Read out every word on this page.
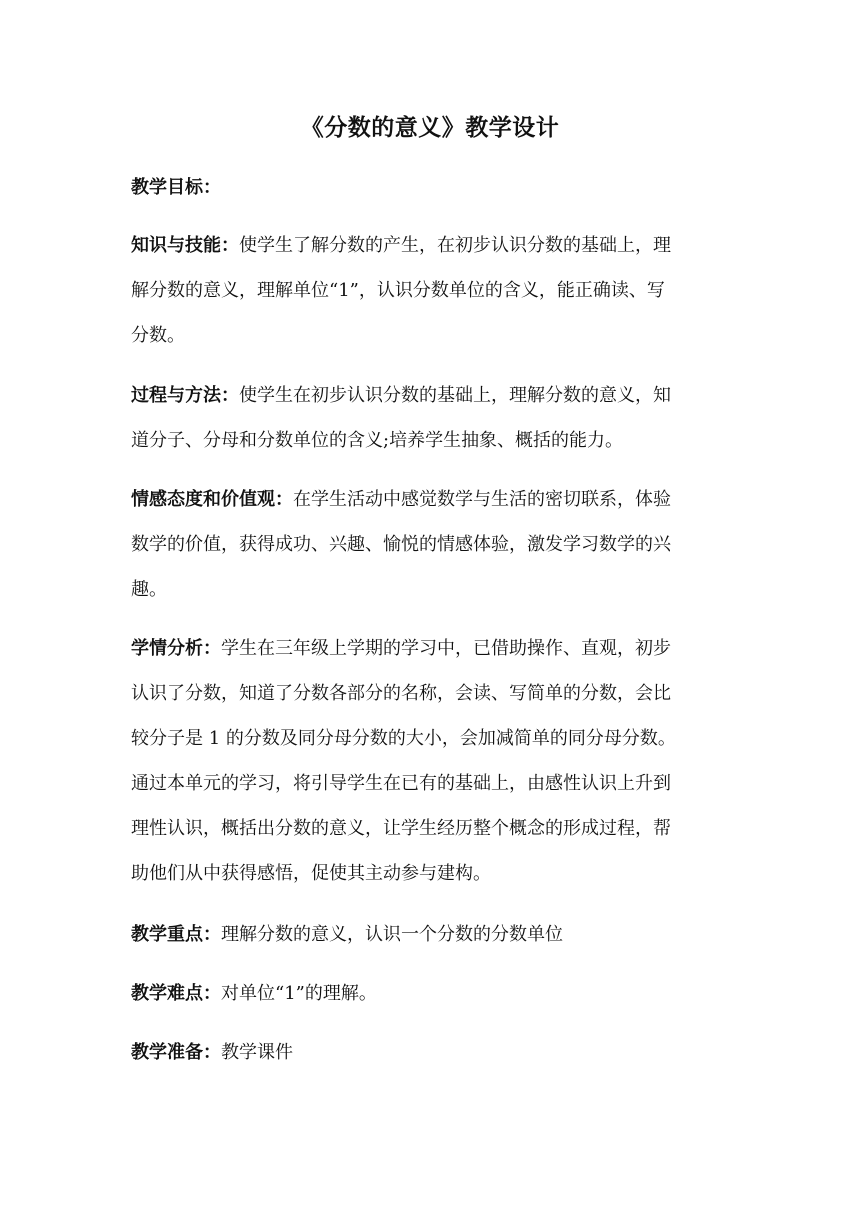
《分数的意义》教学设计
教学目标：
知识与技能：使学生了解分数的产生，在初步认识分数的基础上，理
解分数的意义，理解单位“1”，认识分数单位的含义，能正确读、写
分数。
过程与方法：使学生在初步认识分数的基础上，理解分数的意义，知
道分子、分母和分数单位的含义;培养学生抽象、概括的能力。
情感态度和价值观：在学生活动中感觉数学与生活的密切联系，体验
数学的价值，获得成功、兴趣、愉悦的情感体验，激发学习数学的兴
趣。
学情分析：学生在三年级上学期的学习中，已借助操作、直观，初步
认识了分数，知道了分数各部分的名称，会读、写简单的分数，会比
较分子是 1 的分数及同分母分数的大小，会加减简单的同分母分数。
通过本单元的学习，将引导学生在已有的基础上，由感性认识上升到
理性认识，概括出分数的意义，让学生经历整个概念的形成过程，帮
助他们从中获得感悟，促使其主动参与建构。
教学重点：理解分数的意义，认识一个分数的分数单位
教学难点：对单位“1”的理解。
教学准备：教学课件
